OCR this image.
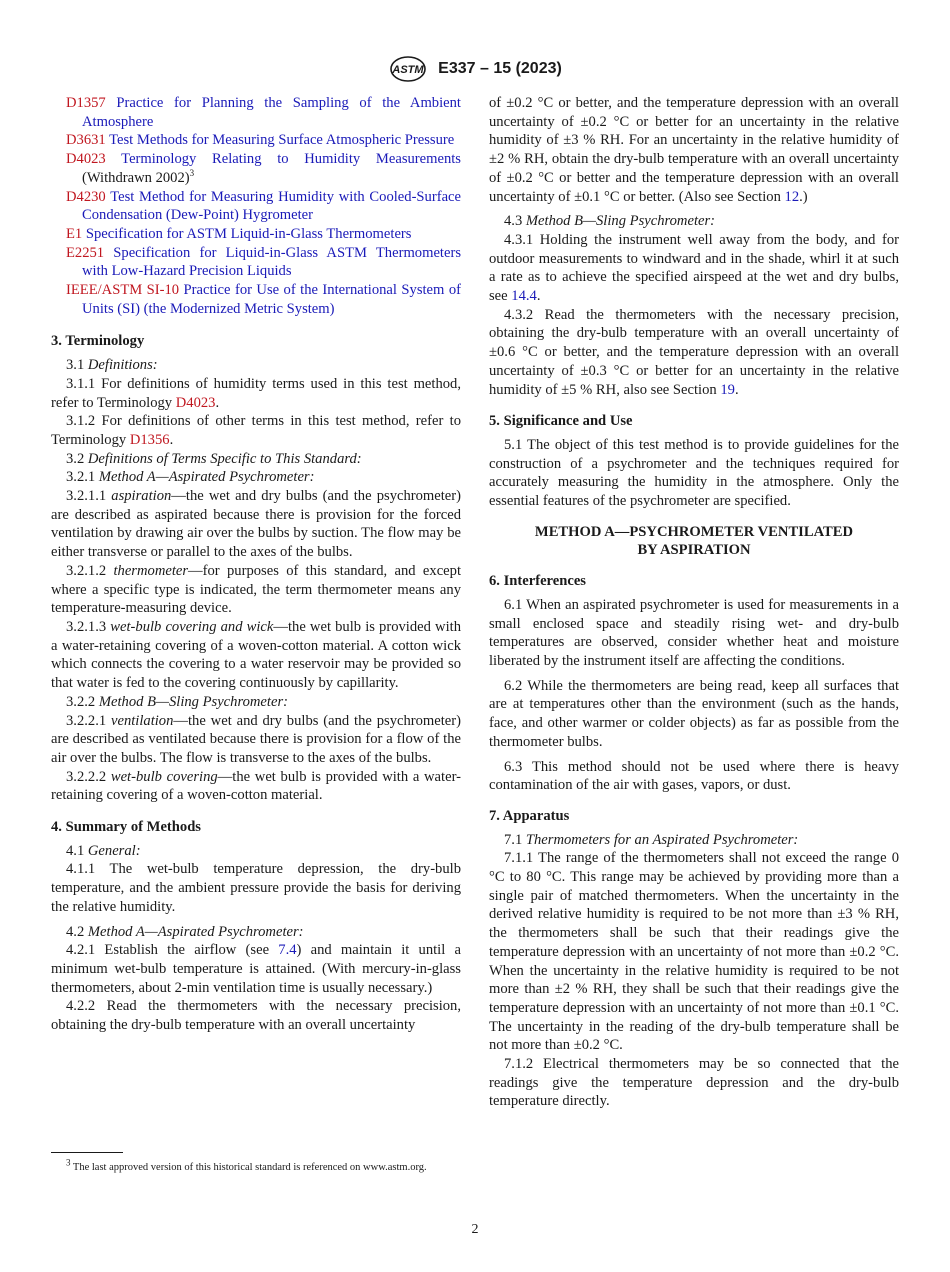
ASTM E337 – 15 (2023)
D1357 Practice for Planning the Sampling of the Ambient Atmosphere
D3631 Test Methods for Measuring Surface Atmospheric Pressure
D4023 Terminology Relating to Humidity Measurements (Withdrawn 2002)$^3$
D4230 Test Method for Measuring Humidity with Cooled-Surface Condensation (Dew-Point) Hygrometer
E1 Specification for ASTM Liquid-in-Glass Thermometers
E2251 Specification for Liquid-in-Glass ASTM Thermometers with Low-Hazard Precision Liquids
IEEE/ASTM SI-10 Practice for Use of the International System of Units (SI) (the Modernized Metric System)
3. Terminology
3.1 Definitions:
3.1.1 For definitions of humidity terms used in this test method, refer to Terminology D4023.
3.1.2 For definitions of other terms in this test method, refer to Terminology D1356.
3.2 Definitions of Terms Specific to This Standard:
3.2.1 Method A—Aspirated Psychrometer:
3.2.1.1 aspiration—the wet and dry bulbs (and the psychrometer) are described as aspirated because there is provision for the forced ventilation by drawing air over the bulbs by suction. The flow may be either transverse or parallel to the axes of the bulbs.
3.2.1.2 thermometer—for purposes of this standard, and except where a specific type is indicated, the term thermometer means any temperature-measuring device.
3.2.1.3 wet-bulb covering and wick—the wet bulb is provided with a water-retaining covering of a woven-cotton material. A cotton wick which connects the covering to a water reservoir may be provided so that water is fed to the covering continuously by capillarity.
3.2.2 Method B—Sling Psychrometer:
3.2.2.1 ventilation—the wet and dry bulbs (and the psychrometer) are described as ventilated because there is provision for a flow of the air over the bulbs. The flow is transverse to the axes of the bulbs.
3.2.2.2 wet-bulb covering—the wet bulb is provided with a water-retaining covering of a woven-cotton material.
4. Summary of Methods
4.1 General:
4.1.1 The wet-bulb temperature depression, the dry-bulb temperature, and the ambient pressure provide the basis for deriving the relative humidity.
4.2 Method A—Aspirated Psychrometer:
4.2.1 Establish the airflow (see 7.4) and maintain it until a minimum wet-bulb temperature is attained. (With mercury-in-glass thermometers, about 2-min ventilation time is usually necessary.)
4.2.2 Read the thermometers with the necessary precision, obtaining the dry-bulb temperature with an overall uncertainty
$^3$ The last approved version of this historical standard is referenced on www.astm.org.
of ±0.2 °C or better, and the temperature depression with an overall uncertainty of ±0.2 °C or better for an uncertainty in the relative humidity of ±3 % RH. For an uncertainty in the relative humidity of ±2 % RH, obtain the dry-bulb temperature with an overall uncertainty of ±0.2 °C or better and the temperature depression with an overall uncertainty of ±0.1 °C or better. (Also see Section 12.)
4.3 Method B—Sling Psychrometer:
4.3.1 Holding the instrument well away from the body, and for outdoor measurements to windward and in the shade, whirl it at such a rate as to achieve the specified airspeed at the wet and dry bulbs, see 14.4.
4.3.2 Read the thermometers with the necessary precision, obtaining the dry-bulb temperature with an overall uncertainty of ±0.6 °C or better, and the temperature depression with an overall uncertainty of ±0.3 °C or better for an uncertainty in the relative humidity of ±5 % RH, also see Section 19.
5. Significance and Use
5.1 The object of this test method is to provide guidelines for the construction of a psychrometer and the techniques required for accurately measuring the humidity in the atmosphere. Only the essential features of the psychrometer are specified.
METHOD A—PSYCHROMETER VENTILATED
BY ASPIRATION
6. Interferences
6.1 When an aspirated psychrometer is used for measurements in a small enclosed space and steadily rising wet- and dry-bulb temperatures are observed, consider whether heat and moisture liberated by the instrument itself are affecting the conditions.
6.2 While the thermometers are being read, keep all surfaces that are at temperatures other than the environment (such as the hands, face, and other warmer or colder objects) as far as possible from the thermometer bulbs.
6.3 This method should not be used where there is heavy contamination of the air with gases, vapors, or dust.
7. Apparatus
7.1 Thermometers for an Aspirated Psychrometer:
7.1.1 The range of the thermometers shall not exceed the range 0 °C to 80 °C. This range may be achieved by providing more than a single pair of matched thermometers. When the uncertainty in the derived relative humidity is required to be not more than ±3 % RH, the thermometers shall be such that their readings give the temperature depression with an uncertainty of not more than ±0.2 °C. When the uncertainty in the relative humidity is required to be not more than ±2 % RH, they shall be such that their readings give the temperature depression with an uncertainty of not more than ±0.1 °C. The uncertainty in the reading of the dry-bulb temperature shall be not more than ±0.2 °C.
7.1.2 Electrical thermometers may be so connected that the readings give the temperature depression and the dry-bulb temperature directly.
2
